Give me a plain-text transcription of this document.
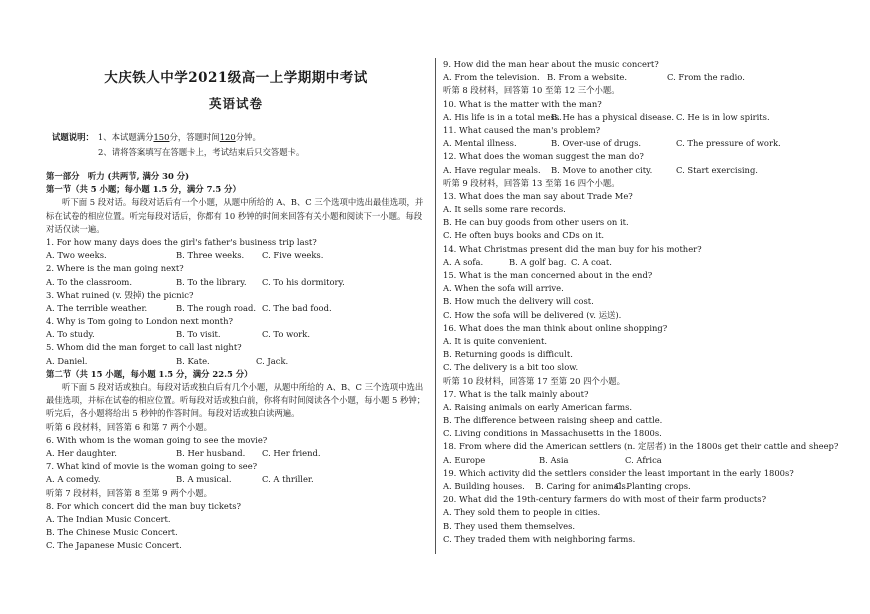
大庆铁人中学2021级高一上学期期中考试
英语试卷
试题说明： 1、本试题满分150分，答题时间120分钟。
2、请将答案填写在答题卡上，考试结束后只交答题卡。
第一部分　听力 (共两节, 满分 30 分)
第一节（共 5 小题；每小题 1.5 分，满分 7.5 分）
听下面 5 段对话。每段对话后有一个小题，从题中所给的 A、B、C 三个选项中选出最佳选项，并标在试卷的相应位置。听完每段对话后，你都有 10 秒钟的时间来回答有关小题和阅读下一小题。每段对话仅读一遍。
1. For how many days does the girl's father's business trip last?
A. Two weeks.	B. Three weeks.	C. Five weeks.
2. Where is the man going next?
A. To the classroom.	B. To the library.	C. To his dormitory.
3. What ruined (v. 毁掉) the picnic?
A. The terrible weather.	B. The rough road. C. The bad food.
4. Why is Tom going to London next month?
A. To study.	B. To visit.	C. To work.
5. Whom did the man forget to call last night?
A. Daniel.	B. Kate.	C. Jack.
第二节（共 15 小题，每小题 1.5 分，满分 22.5 分）
听下面 5 段对话或独白。每段对话或独白后有几个小题，从题中所给的 A、B、C 三个选项中选出最佳选项，并标在试卷的相应位置。听每段对话或独白前，你将有时间阅读各个小题，每小题 5 秒钟；听完后，各小题将给出 5 秒钟的作答时间。每段对话或独白读两遍。
听第 6 段材料，回答第 6 和第 7 两个小题。
6. With whom is the woman going to see the movie?
A. Her daughter.	B. Her husband.	C. Her friend.
7. What kind of movie is the woman going to see?
A. A comedy.	B. A musical.	C. A thriller.
听第 7 段材料，回答第 8 至第 9 两个小题。
8. For which concert did the man buy tickets?
A. The Indian Music Concert.
B. The Chinese Music Concert.
C. The Japanese Music Concert.
9. How did the man hear about the music concert?
A. From the television. B. From a website.	C. From the radio.
听第 8 段材料，回答第 10 至第 12 三个小题。
10. What is the matter with the man?
A. His life is in a total mess.
B. He has a physical disease. C. He is in low spirits.
11. What caused the man's problem?
A. Mental illness.	B. Over-use of drugs.	C. The pressure of work.
12. What does the woman suggest the man do?
A. Have regular meals.	B. Move to another city.	C. Start exercising.
听第 9 段材料，回答第 13 至第 16 四个小题。
13. What does the man say about Trade Me?
A. It sells some rare records.
B. He can buy goods from other users on it.
C. He often buys books and CDs on it.
14. What Christmas present did the man buy for his mother?
A. A sofa.	B. A golf bag. C. A coat.
15. What is the man concerned about in the end?
A. When the sofa will arrive.
B. How much the delivery will cost.
C. How the sofa will be delivered (v. 运送).
16. What does the man think about online shopping?
A. It is quite convenient.
B. Returning goods is difficult.
C. The delivery is a bit too slow.
听第 10 段材料，回答第 17 至第 20 四个小题。
17. What is the talk mainly about?
A. Raising animals on early American farms.
B. The difference between raising sheep and cattle.
C. Living conditions in Massachusetts in the 1800s.
18. From where did the American settlers (n. 定居者) in the 1800s get their cattle and sheep?
A. Europe	B. Asia	C. Africa
19. Which activity did the settlers consider the least important in the early 1800s?
A. Building houses.	B. Caring for animals.
C. Planting crops.
20. What did the 19th-century farmers do with most of their farm products?
A. They sold them to people in cities.
B. They used them themselves.
C. They traded them with neighboring farms.
